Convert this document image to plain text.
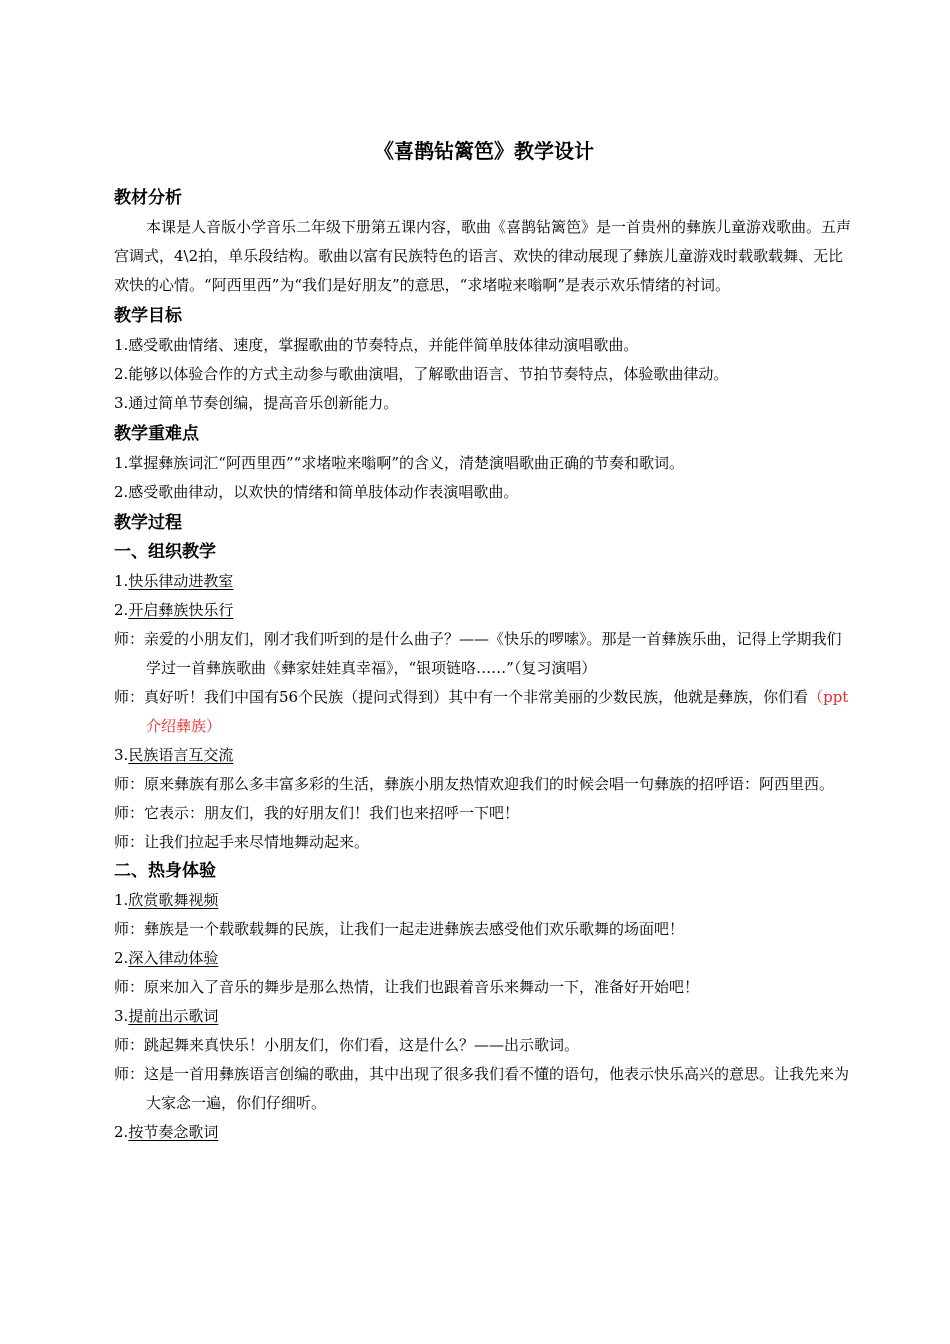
《喜鹊钻篱笆》教学设计
教材分析
本课是人音版小学音乐二年级下册第五课内容，歌曲《喜鹊钻篱笆》是一首贵州的彝族儿童游戏歌曲。五声宫调式，4\2拍，单乐段结构。歌曲以富有民族特色的语言、欢快的律动展现了彝族儿童游戏时载歌载舞、无比欢快的心情。“阿西里西”为“我们是好朋友”的意思，“求堵啦来嗡啊”是表示欢乐情绪的衬词。
教学目标
1.感受歌曲情绪、速度，掌握歌曲的节奏特点，并能伴简单肢体律动演唱歌曲。
2.能够以体验合作的方式主动参与歌曲演唱，了解歌曲语言、节拍节奏特点，体验歌曲律动。
3.通过简单节奏创编，提高音乐创新能力。
教学重难点
1.掌握彝族词汇“阿西里西”“求堵啦来嗡啊”的含义，清楚演唱歌曲正确的节奏和歌词。
2.感受歌曲律动，以欢快的情绪和简单肢体动作表演唱歌曲。
教学过程
一、组织教学
1.快乐律动进教室
2.开启彝族快乐行
师：亲爱的小朋友们，刚才我们听到的是什么曲子？——《快乐的啰嗦》。那是一首彝族乐曲，记得上学期我们学过一首彝族歌曲《彝家娃娃真幸福》，“银项链咯……”（复习演唱）
师：真好听！我们中国有56个民族（提问式得到）其中有一个非常美丽的少数民族，他就是彝族，你们看（ppt介绍彝族）
3.民族语言互交流
师：原来彝族有那么多丰富多彩的生活，彝族小朋友热情欢迎我们的时候会唱一句彝族的招呼语：阿西里西。
师：它表示：朋友们，我的好朋友们！我们也来招呼一下吧！
师：让我们拉起手来尽情地舞动起来。
二、热身体验
1.欣赏歌舞视频
师：彝族是一个载歌载舞的民族，让我们一起走进彝族去感受他们欢乐歌舞的场面吧！
2.深入律动体验
师：原来加入了音乐的舞步是那么热情，让我们也跟着音乐来舞动一下，准备好开始吧！
3.提前出示歌词
师：跳起舞来真快乐！小朋友们，你们看，这是什么？——出示歌词。
师：这是一首用彝族语言创编的歌曲，其中出现了很多我们看不懂的语句，他表示快乐高兴的意思。让我先来为大家念一遍，你们仔细听。
2.按节奏念歌词
